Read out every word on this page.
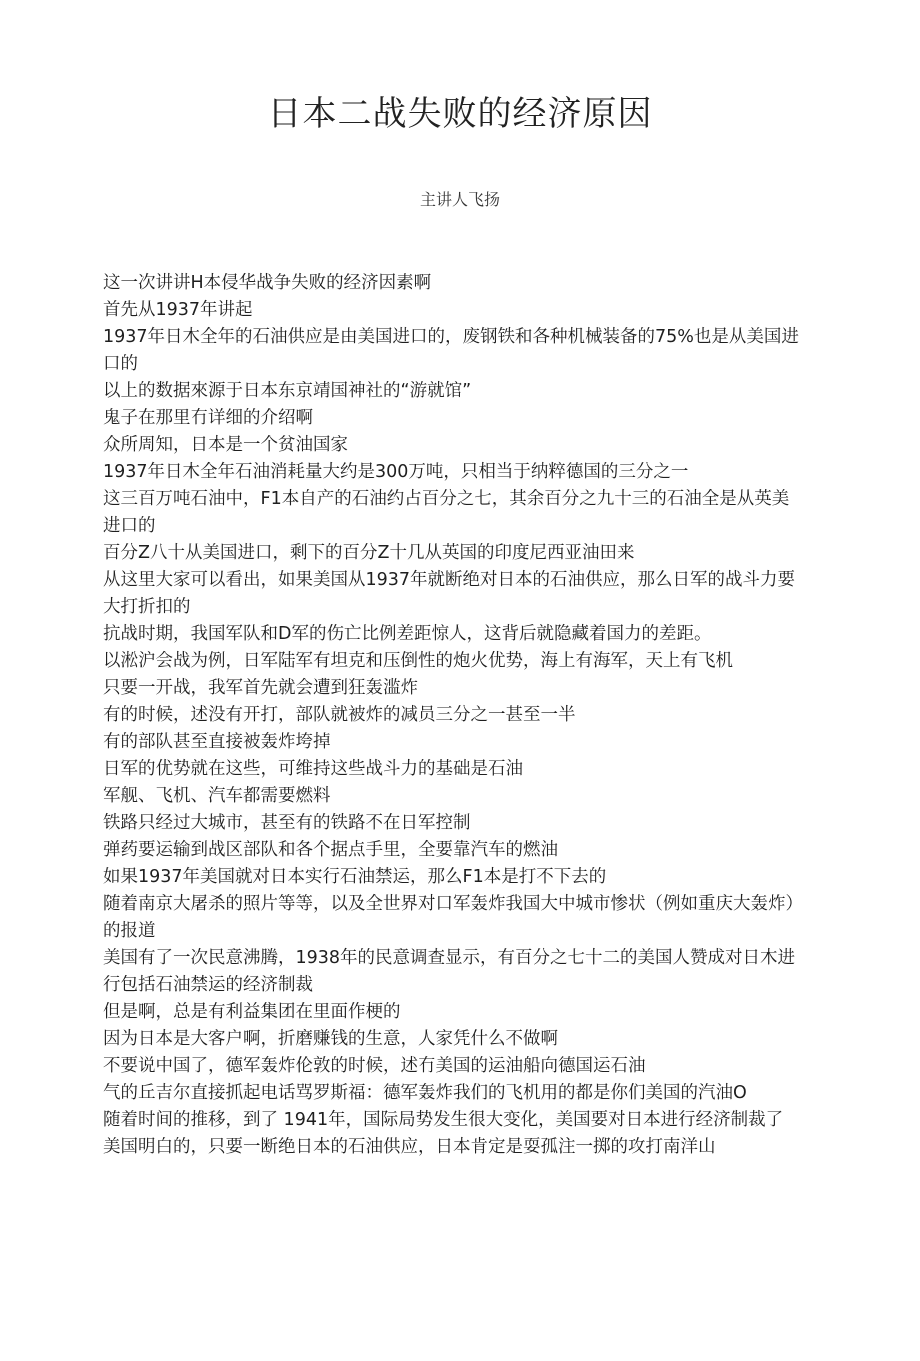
日本二战失败的经济原因
主讲人飞扬

这一次讲讲H本侵华战争失败的经济因素啊

首先从1937年讲起

1937年日木全年的石油供应是由美国进口的，废钢铁和各种机械装备的75%也是从美国进口的

以上的数据來源于日本东京靖国神社的“游就馆”

鬼子在那里冇详细的介绍啊

众所周知，日本是一个贫油国家

1937年日木全年石油消耗量大约是300万吨，只相当于纳粹德国的三分之一

这三百万吨石油中，F1本自产的石油约占百分之七，其余百分之九十三的石油全是从英美进口的

百分Z八十从美国进口，剩下的百分Z十几从英国的印度尼西亚油田来

从这里大家可以看出，如果美国从1937年就断绝对日本的石油供应，那么日军的战斗力要大打折扣的

抗战时期，我国军队和D军的伤亡比例差距惊人，这背后就隐藏着国力的差距。

以淞沪会战为例，日军陆军有坦克和压倒性的炮火优势，海上有海军，天上有飞机

只要一开战，我军首先就会遭到狂轰滥炸

有的时候，述没有开打，部队就被炸的减员三分之一甚至一半

有的部队甚至直接被轰炸垮掉

日军的优势就在这些，可维持这些战斗力的基础是石油

军舰、飞机、汽车都需要燃料

铁路只经过大城市，甚至有的铁路不在日军控制

弹药要运输到战区部队和各个据点手里，全要靠汽车的燃油

如果1937年美国就对日本实行石油禁运，那么F1本是打不下去的

随着南京大屠杀的照片等等，以及全世界对口军轰炸我国大中城市惨状（例如重庆大轰炸）的报道

美国有了一次民意沸腾，1938年的民意调查显示，有百分之七十二的美国人赞成对日木进行包括石油禁运的经济制裁

但是啊，总是有利益集团在里面作梗的

因为日本是大客户啊，折磨赚钱的生意，人家凭什么不做啊

不要说中国了，德军轰炸伦敦的时候，述冇美国的运油船向德国运石油

气的丘吉尔直接抓起电话骂罗斯福：德军轰炸我们的飞机用的都是你们美国的汽油O

随着时间的推移，到了 1941年，国际局势发生很大变化，美国要对日本进行经济制裁了

美国明白的，只要一断绝日本的石油供应，日本肯定是耍孤注一掷的攻打南洋山
